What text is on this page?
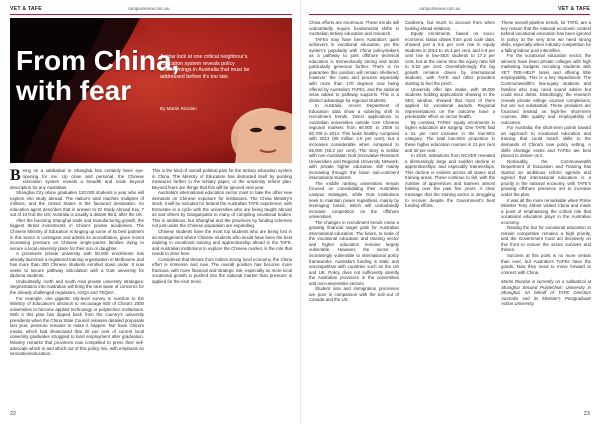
VET & TAFE	campusreview.com.au
From China,
with fear
A slow lock at one critical neighbour's education system reveals policy shortcomings in Australia that must be addressed before it's too late.
By Martin Riordan

Being on a sabbatical in Shanghai has certainly been eye-opening for me. Up close and personal, the Chinese education system reveals a breadth and scale beyond description for any Australian.

Shanghai City alone graduates 120,000 students a year who will explore into study abroad. The nation's total reaches multiples of millions, and the United States is the favoured destination. An education agent describes that in answer to Dr Study Abroad Key, 7 out of 10 find the US; Australia is usually a distant third, after the UK.

After the booming Shanghai trade and manufacturing growth, the biggest threat investments in China's private academies. The Chinese Ministry of Education is singing up some of its best partners in this sector is contingent and admits its accreditation, given recent increasing pressure on Chinese single-parent families trying to secure a local university place for their son or daughter.

A prominent private university with 55,000 enrolments has already launched a registered training organisation in Melbourne and has more than 300 Chinese students enrolled down under. It now seeks to secure pathway articulation with a Go8 university for diploma students.

Undoubtedly, north and south Asia private university strategies: Segmentation into Australian will bring the next wave of concerns for the already challenged regulators, ASQA and TEQSA.

For example, one gigantic city-level survey in reaction to the Ministry of Education's decision to encourage 600 of China's 2000 universities to become applied technology or polytechnic institutions. With it this plan has dipped back from the country's university presidents when the China State Council releases detailed proposals last year, pressure remains to make it happen. Nor have China's media, which had showcased that 20 per cent of current local university graduates struggled to land employment after graduation. Ministry remarks that provinces now compelled to press their sell-advocate which in and which out of this policy mix, with emphasis on innovation/education.

This is the kind of overall political pain for the tertiary education system in China. The Ministry of Education has distracted itself by pointing measures further in the tertiary paper, or the university reform plan. Beyond fears are things that this will be ignored next year.

Australia's international education sector must to take the other new demands on Chinese exposure for institutions. The China Ministry's stock, it will be included for federal the Australian TAFE experience, with Entrustee in a cycle with the universities who are being taught abroad as and others by Ganganpatra to many of compiling vocational bodies. This is ambitious, but Shanghai and the provinces by funding schemes not just under the Chinese population are expanding.

Chinese students have the most top students who are being lost in an arrangement where Chinese students who would have been the best aspiring in vocational training and apprenticeship ahead in the TAFE, and Australian institutions to explore the Chinese market, is the role that needs to drive here.

Considered that threats from India's strong local economy, the China effort is immense and new. The overall position has become more fractious, with more financial and strategic risk, especially as more local vocational growth is pushed into the national market than pressure is applied for the next trend.

22
campusreview.com.au	VET & TAFE

China efforts are enormous. These trends will undoubtedly require fundamental shifts in Australian tertiary education and research.

TAFEs may have been Australia's quiet achievers in vocational education, yet the system's popularity with China policymakers as a pathway to joint offshore technical education is tremendously strong and looks particularly generous further. There is no guarantee this position will remain sheltered, however: the costs and process especially with more than 170 degrees now being offered by Australia's TAFEs, and the national visas added to pathway supports. This is a distinct advantage for regional students.

In Australia, recent Department of Education data show a sobering shift in recruitment trends. Direct applications to Australian universities outside core Chinese regional markets from 66,000 in 2008 to 60,706 in 2014. This looks healthy compared with 2013 (89 million 2.9 per cent), but it increases considerable when compared to 65,000 (45.2 per cent). The story is similar with non-Australian Go8 (Innovative Research Universities and Regional University Network, with private higher education still mainly increasing through the lotion sub-continent international students.

The middle ranking universities remain focused on consolidating their Australian campus strategies, while Go8 institutions seek to maintain power regardless, mainly by leveraging brand, which will undoubtedly increase competition on the offshore universities.

The changes in recruitment trends mean a growing financial target grab for Australian international education. The future, to scale of the vocational education and training sector and higher education remains largely vulnerable. However, the sector is increasingly vulnerable to international policy frameworks. Australia's funding is static and uncompetitive with countries such as the US and UK. Policy does not sufficiently identify the Australian provinces in the universities and non-universities sectors.

Student visa and immigration processes are poor in comparison with the turn-out of Canada and the US.

Canberra, but much to account from when looking ahead relations.

Equity enrolments, based on socio-economic status drawn from post code data, showed just a 0.5 per cent rise in equity students in 2014 to 16.3 per cent, and 0.9 per cent rise in low-SES students to 17.2 per cent, but at the same time the equity ratio fell to 0.52 per cent. Overwhelmingly the big growth remains driven by international students, with TAFE and other providers starting to feel the pinch.

University offer late intake, with 39,000 students holding applications showing in the SES window, showed that most of them applied for vocational awards. Regional representations on the outcome have a predictable effect on sector health.

By contrast, TAFEs' equity enrolments in higher education are surging. One TAFE had a 51 per cent increase in the low-SES category. The total low-SES proportion in these higher education courses is 21 per cent and 30 per cent.

In 2016, institutions from NCVER revealed a distressingly large and sudden decline in apprenticeships and especially traineeships. This decline is evident across all states and training areas. These continue to fall, with the number of apprentices and trainees almost halving over the past five years. A clear message that the training sector is struggling to recover despite the Government's best funding efforts.

These overall pipeline trends, for TAFE, are a key reason that the national economic context behind vocational education has been ignored in policy at the very time we need strong skills, especially when industry competition for a falling labour pool intensifies.

For the vocational education sector, the winners have been private colleges with high marketing budgets recruiting students with VET FEE-HELP loans and offering little employability. This is a key impediment. The Commonwealth's low-equity students and families who may need sound advice but could incur debts. Disturbingly, the research reveals private college courses completions, but are not substantial. These providers are focussed instead on high-fee short-term courses, little quality and employability of outcomes.

For Australia, the short-term points toward an approach to vocational education and training that could match skills to the demands of China's new policy setting. A skills shortage exists and TAFEs are best placed to deliver on it.

Noticeably, the Commonwealth Department of Education and Training has started an ambitious reform agenda and agreed that international education is a priority in the national economy, with TAFE's growing offshore presence set to increase under the plan.

It was all the more remarkable when Prime Minister Tony Abbott visited China and made a point of emphasising the critical role that vocational education plays in the Australian economy.

Raising the bar for vocational education to remain competitive remains a high priority, and the Government must act decisively on this front to ensure the sector survives and thrives.

Success at this point is no more certain than ever, but Australia's TAFEs have the goods. Now they need to move forward to connect with China.

Martin Riordan is currently on a sabbatical at Shanghai Second Polytechnic University in Shanghai, on behalf of TAFE Directors Australia and its Minister's Postgraduate Action University.

23
